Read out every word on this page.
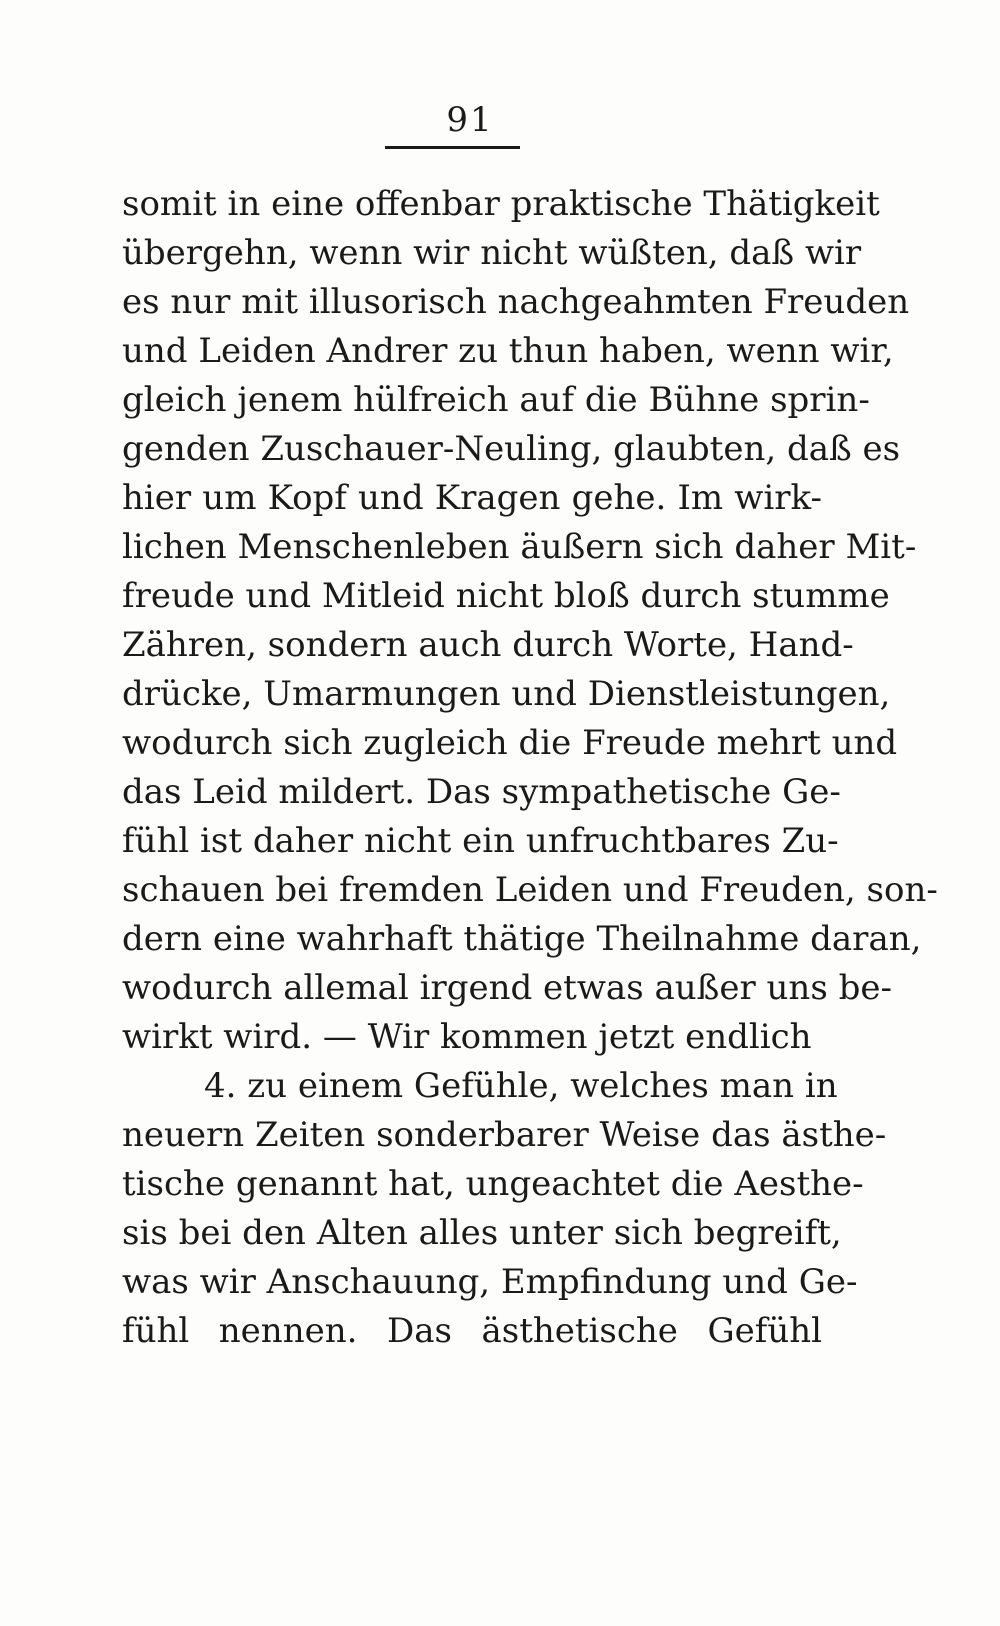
91
somit in eine offenbar praktische Thätigkeit
übergehn, wenn wir nicht wüßten, daß wir
es nur mit illusorisch nachgeahmten Freuden
und Leiden Andrer zu thun haben, wenn wir,
gleich jenem hülfreich auf die Bühne sprin-
genden Zuschauer-Neuling, glaubten, daß es
hier um Kopf und Kragen gehe. Im wirk-
lichen Menschenleben äußern sich daher Mit-
freude und Mitleid nicht bloß durch stumme
Zähren, sondern auch durch Worte, Hand-
drücke, Umarmungen und Dienstleistungen,
wodurch sich zugleich die Freude mehrt und
das Leid mildert. Das sympathetische Ge-
fühl ist daher nicht ein unfruchtbares Zu-
schauen bei fremden Leiden und Freuden, son-
dern eine wahrhaft thätige Theilnahme daran,
wodurch allemal irgend etwas außer uns be-
wirkt wird. — Wir kommen jetzt endlich
4. zu einem Gefühle, welches man in
neuern Zeiten sonderbarer Weise das ästhe-
tische genannt hat, ungeachtet die Aesthe-
sis bei den Alten alles unter sich begreift,
was wir Anschauung, Empfindung und Ge-
fühl nennen. Das ästhetische Gefühl
